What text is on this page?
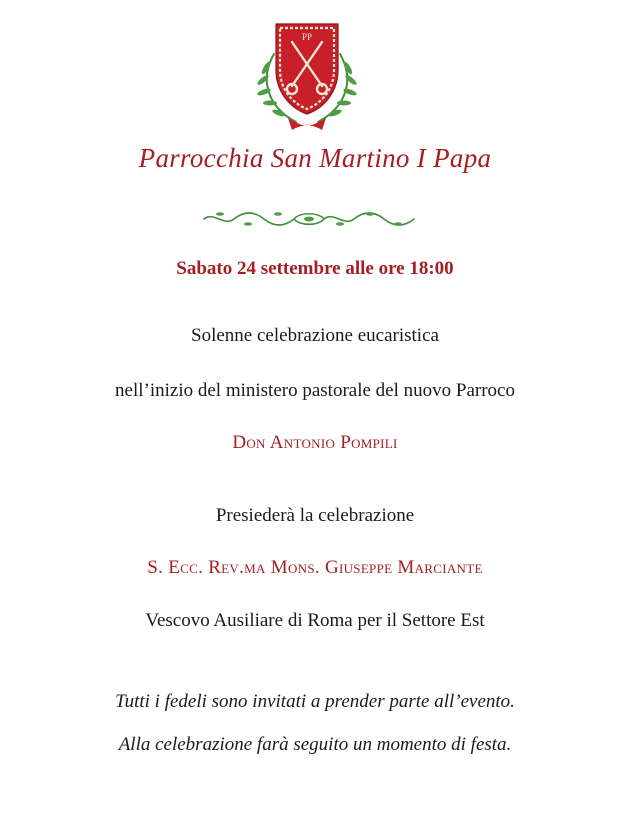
PP
Parrocchia San Martino I Papa
Sabato 24 settembre alle ore 18:00
Solenne celebrazione eucaristica
nell’inizio del ministero pastorale del nuovo Parroco
Don Antonio Pompili
Presiederà la celebrazione
S. Ecc. Rev.ma Mons. Giuseppe Marciante
Vescovo Ausiliare di Roma per il Settore Est
Tutti i fedeli sono invitati a prender parte all’evento.
Alla celebrazione farà seguito un momento di festa.
